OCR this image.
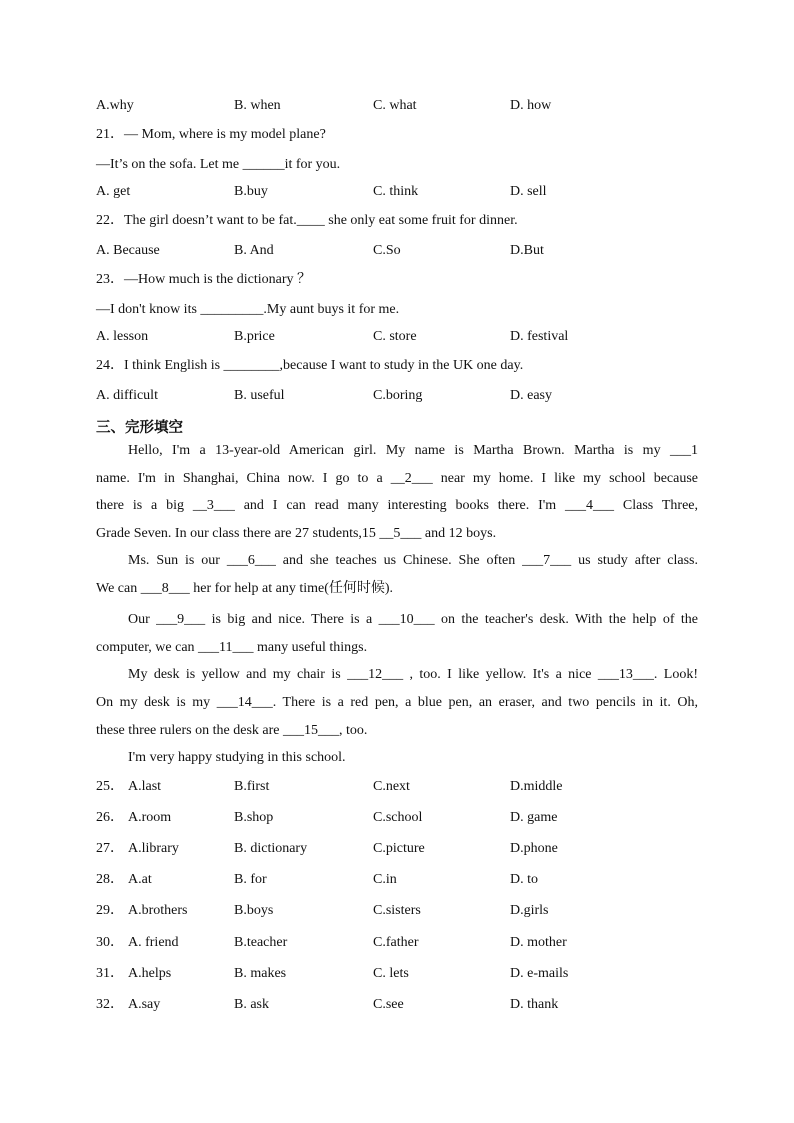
A.why	B. when	C. what	D. how
21．— Mom, where is my model plane?
—It’s on the sofa. Let me ______it for you.
A. get	B.buy	C. think	D. sell
22．The girl doesn’t want to be fat.____ she only eat some fruit for dinner.
A. Because	B. And	C.So	D.But
23．—How much is the dictionary ？
—I don't know its _________.My aunt buys it for me.
A. lesson	B.price	C. store	D. festival
24．I think English is ________,because I want to study in the UK one day.
A. difficult	B. useful	C.boring	D. easy
三、完形填空
Hello, I'm a 13-year-old American girl. My name is Martha Brown. Martha is my ___1
name. I'm in Shanghai, China now. I go to a __2___ near my home. I like my school because
there is a big __3___ and I can read many interesting books there. I'm ___4___ Class Three,
Grade Seven. In our class there are 27 students,15 __5___ and 12 boys.
Ms. Sun is our ___6___ and she teaches us Chinese. She often ___7___ us study after class.
We can ___8___ her for help at any time(任何时候).
Our ___9___ is big and nice. There is a ___10___ on the teacher's desk. With the help of the
computer, we can ___11___ many useful things.
My desk is yellow and my chair is ___12___ , too. I like yellow. It's a nice ___13___. Look!
On my desk is my ___14___. There is a red pen, a blue pen, an eraser, and two pencils in it. Oh,
these three rulers on the desk are ___15___, too.
I'm very happy studying in this school.
25． A.last	B.first	C.next	D.middle
26． A.room	B.shop	C.school	D. game
27． A.library	B. dictionary	C.picture	D.phone
28． A.at	B. for	C.in	D. to
29． A.brothers	B.boys	C.sisters	D.girls
30． A. friend	B.teacher	C.father	D. mother
31． A.helps	B. makes	C. lets	D. e-mails
32． A.say	B. ask	C.see	D. thank
